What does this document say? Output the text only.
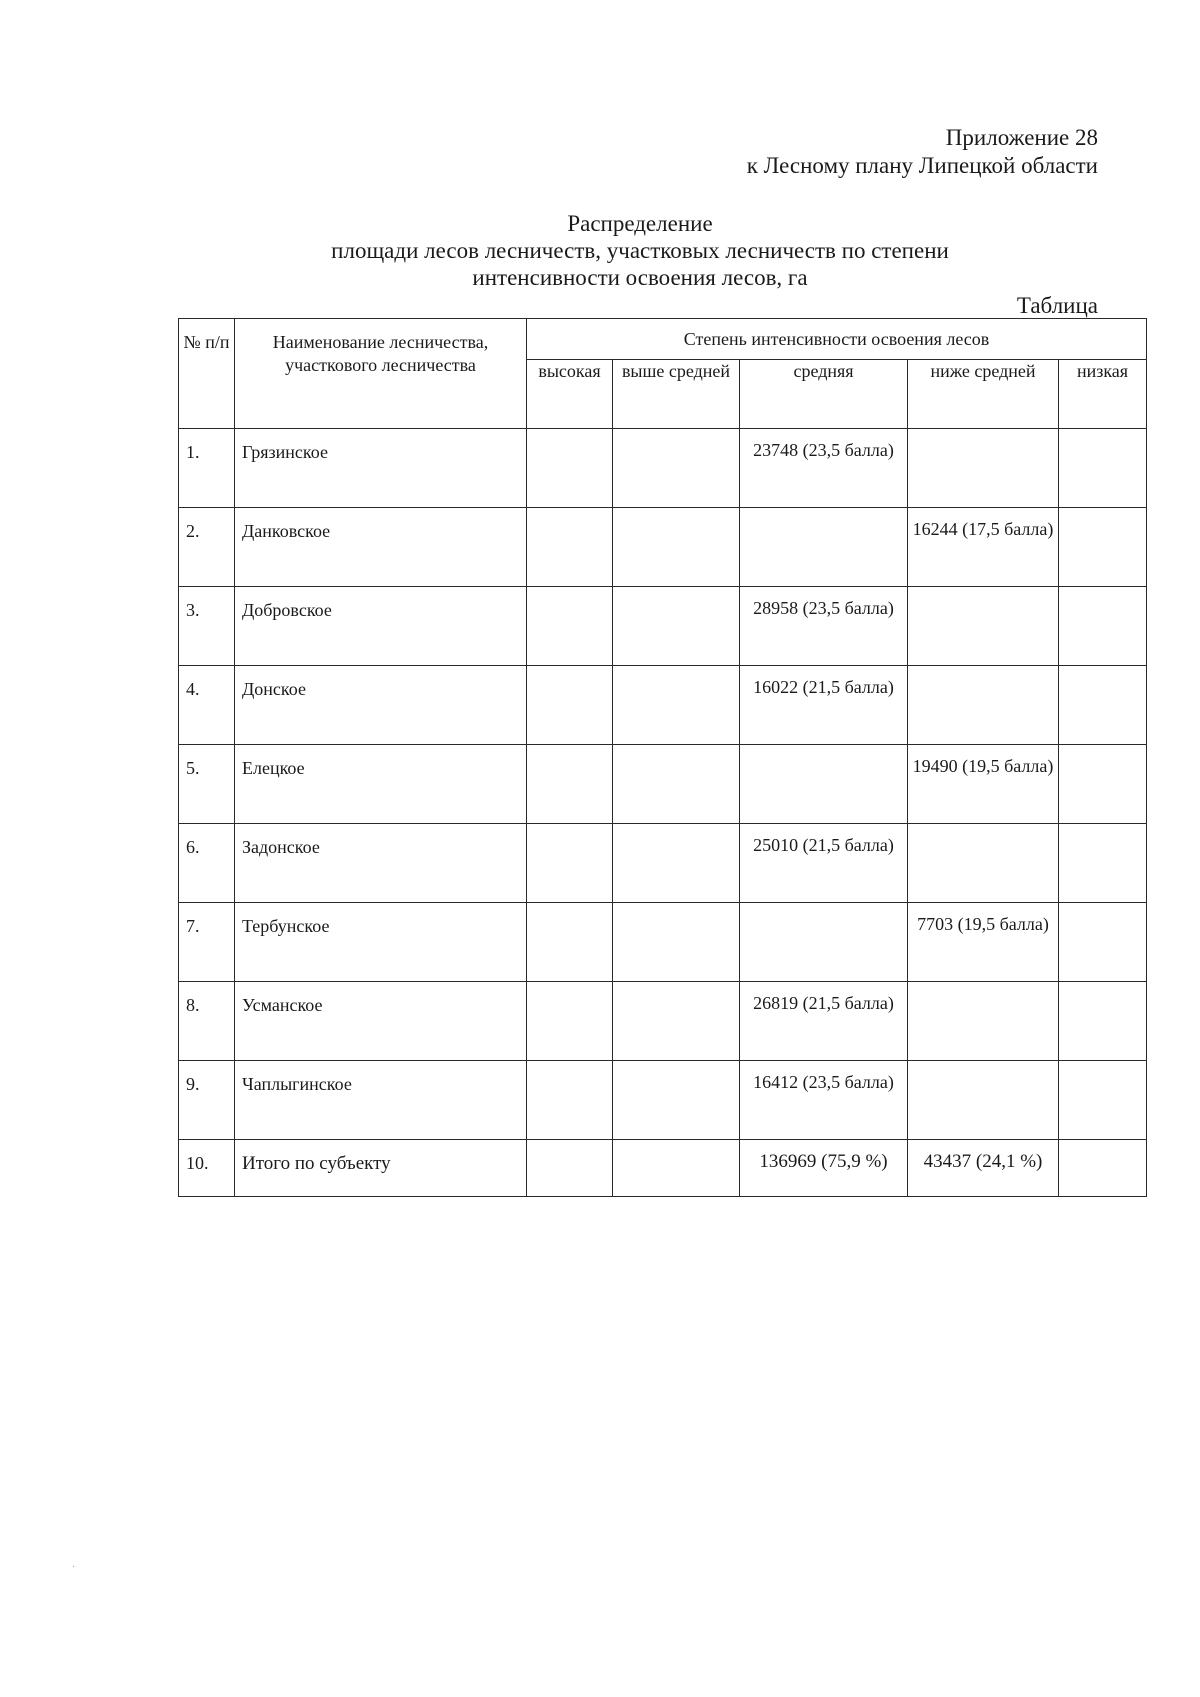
Приложение 28
к Лесному плану Липецкой области
Распределение
площади лесов лесничеств, участковых лесничеств по степени
интенсивности освоения лесов, га
Таблица
№ п/п	Наименование лесничества, участкового лесничества	Степень интенсивности освоения лесов				
		высокая	выше средней	средняя	ниже средней	низкая
1.	Грязинское			23748 (23,5 балла)		
2.	Данковское				16244 (17,5 балла)	
3.	Добровское			28958 (23,5 балла)		
4.	Донское			16022 (21,5 балла)		
5.	Елецкое				19490 (19,5 балла)	
6.	Задонское			25010 (21,5 балла)		
7.	Тербунское				7703 (19,5 балла)	
8.	Усманское			26819 (21,5 балла)		
9.	Чаплыгинское			16412 (23,5 балла)		
10.	Итого по субъекту			136969 (75,9 %)	43437 (24,1 %)	
·
